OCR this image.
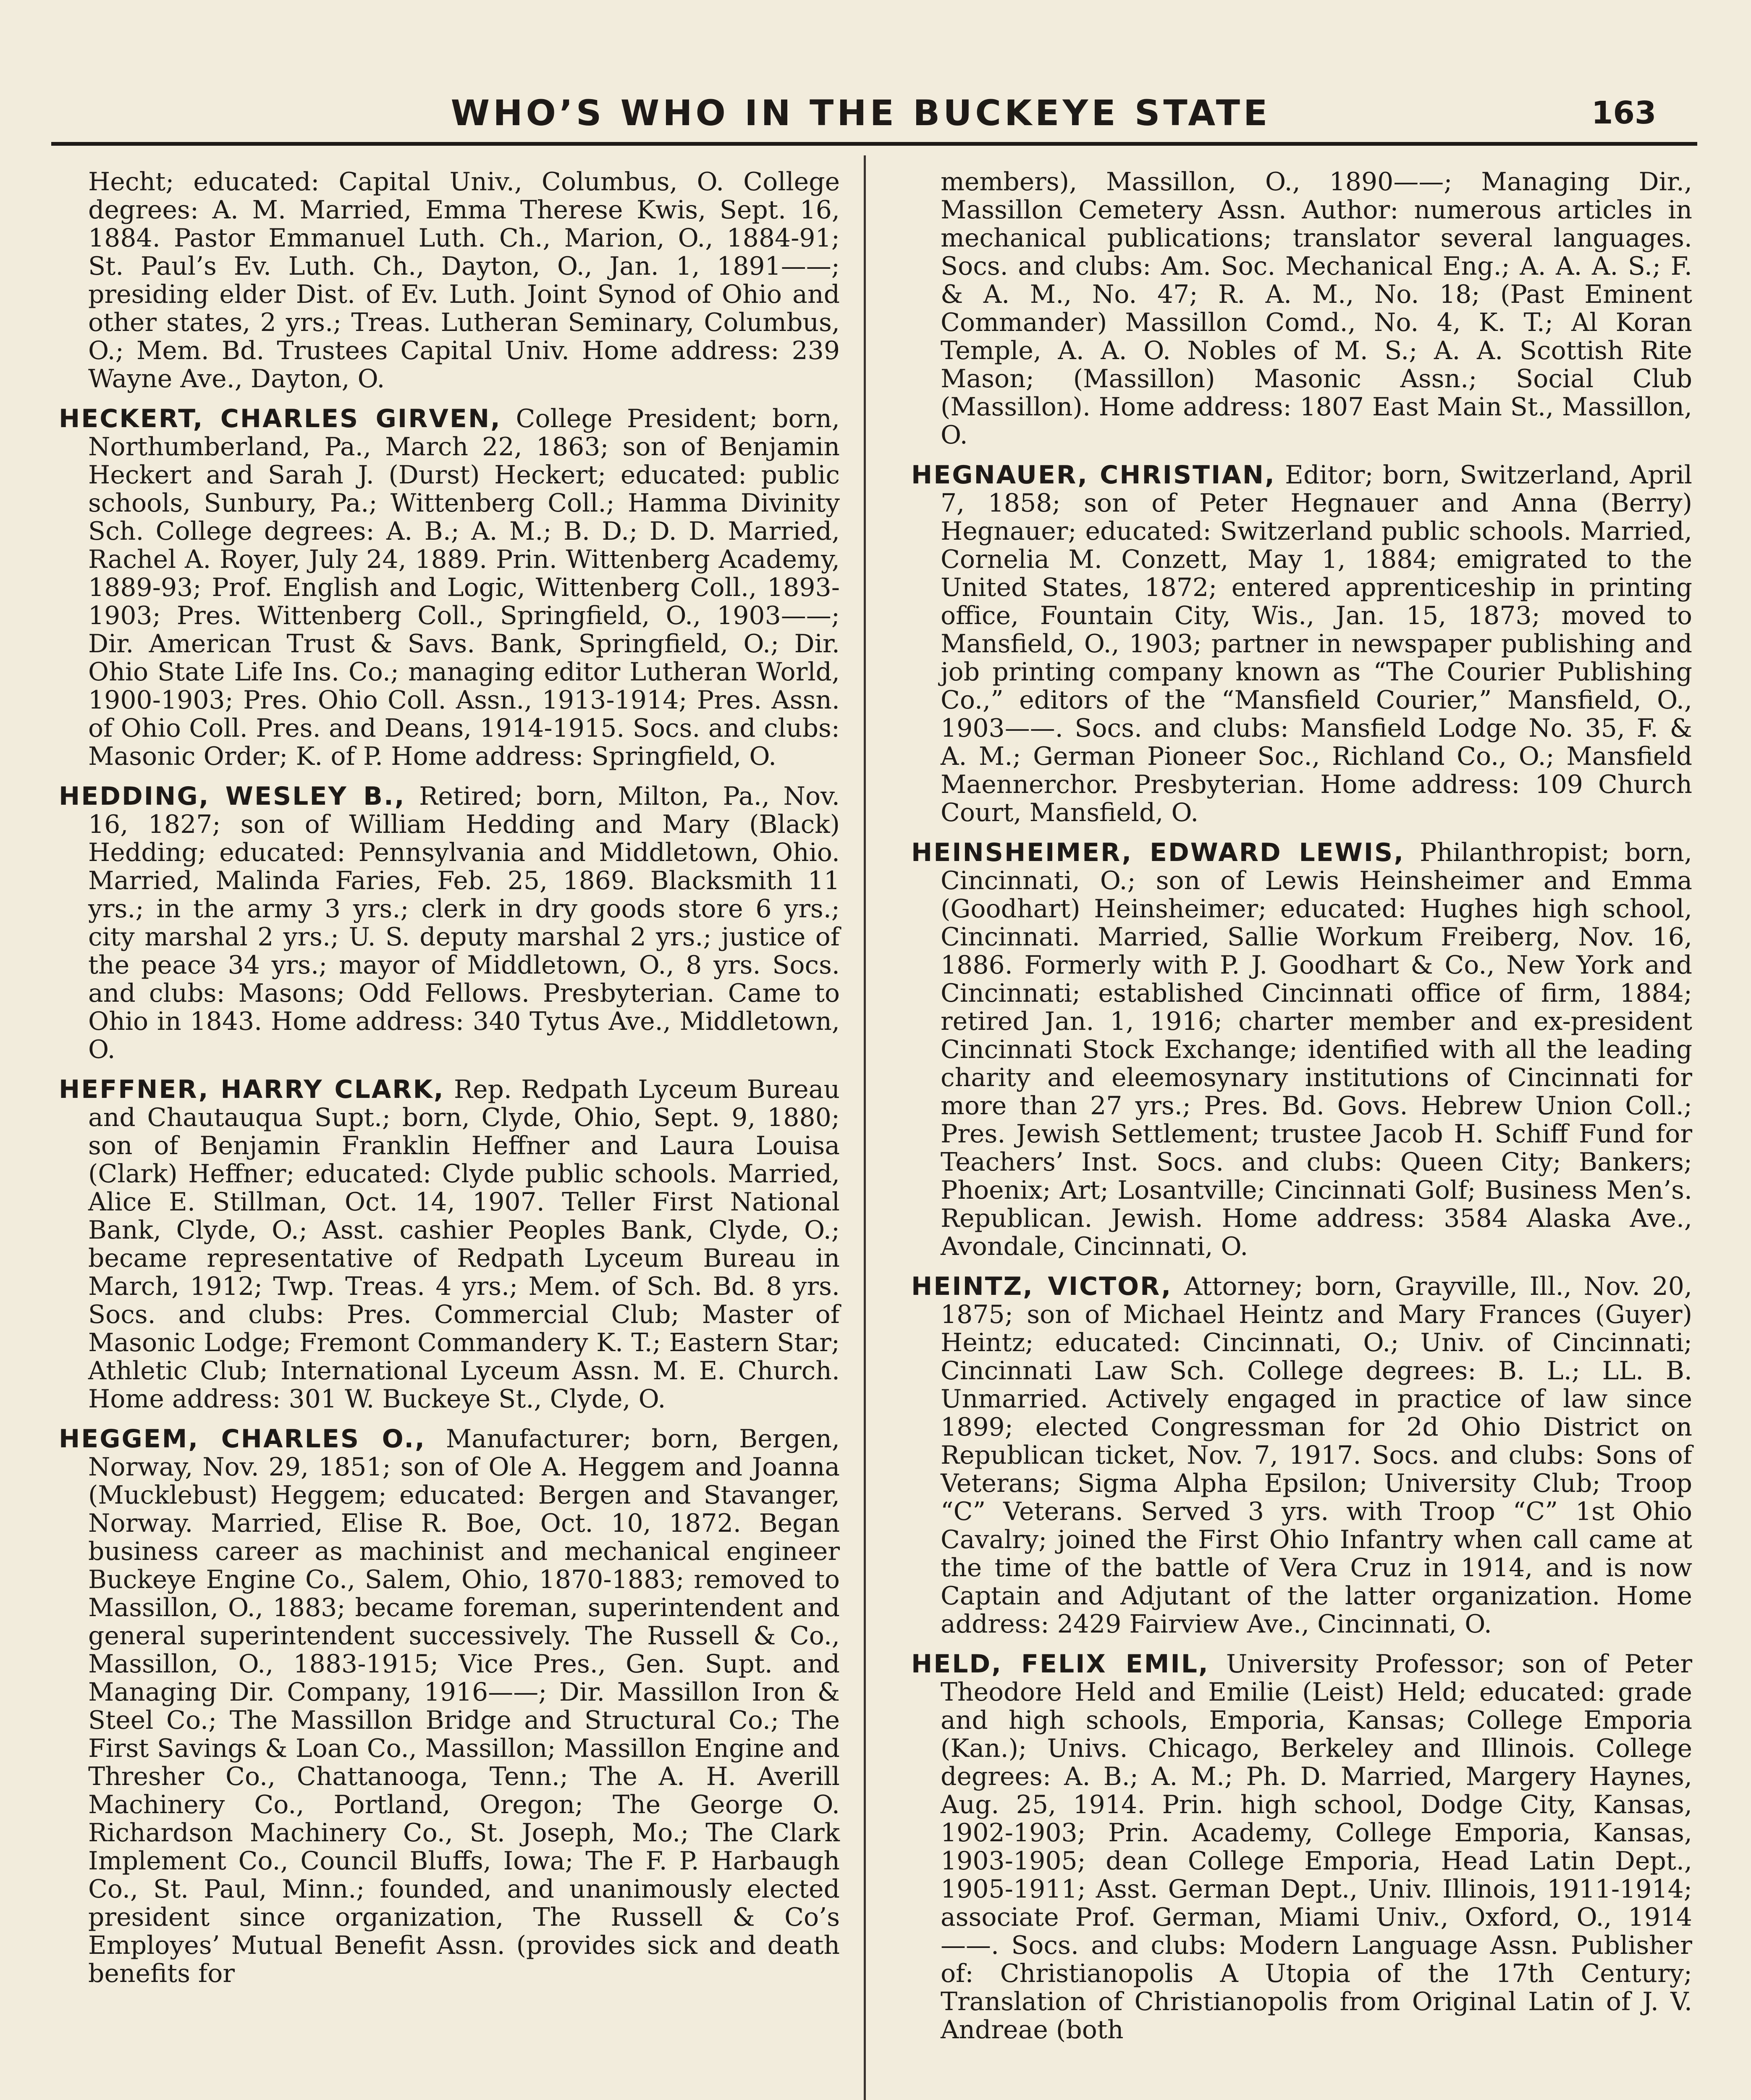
WHO’S WHO IN THE BUCKEYE STATE	163

Hecht; educated: Capital Univ., Columbus, O. College degrees: A. M. Married, Emma Therese Kwis, Sept. 16, 1884. Pastor Emmanuel Luth. Ch., Marion, O., 1884-91; St. Paul’s Ev. Luth. Ch., Dayton, O., Jan. 1, 1891——; presiding elder Dist. of Ev. Luth. Joint Synod of Ohio and other states, 2 yrs.; Treas. Lutheran Seminary, Columbus, O.; Mem. Bd. Trustees Capital Univ. Home address: 239 Wayne Ave., Dayton, O.

HECKERT, CHARLES GIRVEN, College President; born, Northumberland, Pa., March 22, 1863; son of Benjamin Heckert and Sarah J. (Durst) Heckert; educated: public schools, Sunbury, Pa.; Wittenberg Coll.; Hamma Divinity Sch. College degrees: A. B.; A. M.; B. D.; D. D. Married, Rachel A. Royer, July 24, 1889. Prin. Wittenberg Academy, 1889-93; Prof. English and Logic, Wittenberg Coll., 1893-1903; Pres. Wittenberg Coll., Springfield, O., 1903——; Dir. American Trust & Savs. Bank, Springfield, O.; Dir. Ohio State Life Ins. Co.; managing editor Lutheran World, 1900-1903; Pres. Ohio Coll. Assn., 1913-1914; Pres. Assn. of Ohio Coll. Pres. and Deans, 1914-1915. Socs. and clubs: Masonic Order; K. of P. Home address: Springfield, O.

HEDDING, WESLEY B., Retired; born, Milton, Pa., Nov. 16, 1827; son of William Hedding and Mary (Black) Hedding; educated: Pennsylvania and Middletown, Ohio. Married, Malinda Faries, Feb. 25, 1869. Blacksmith 11 yrs.; in the army 3 yrs.; clerk in dry goods store 6 yrs.; city marshal 2 yrs.; U. S. deputy marshal 2 yrs.; justice of the peace 34 yrs.; mayor of Middletown, O., 8 yrs. Socs. and clubs: Masons; Odd Fellows. Presbyterian. Came to Ohio in 1843. Home address: 340 Tytus Ave., Middletown, O.

HEFFNER, HARRY CLARK, Rep. Redpath Lyceum Bureau and Chautauqua Supt.; born, Clyde, Ohio, Sept. 9, 1880; son of Benjamin Franklin Heffner and Laura Louisa (Clark) Heffner; educated: Clyde public schools. Married, Alice E. Stillman, Oct. 14, 1907. Teller First National Bank, Clyde, O.; Asst. cashier Peoples Bank, Clyde, O.; became representative of Redpath Lyceum Bureau in March, 1912; Twp. Treas. 4 yrs.; Mem. of Sch. Bd. 8 yrs. Socs. and clubs: Pres. Commercial Club; Master of Masonic Lodge; Fremont Commandery K. T.; Eastern Star; Athletic Club; International Lyceum Assn. M. E. Church. Home address: 301 W. Buckeye St., Clyde, O.

HEGGEM, CHARLES O., Manufacturer; born, Bergen, Norway, Nov. 29, 1851; son of Ole A. Heggem and Joanna (Mucklebust) Heggem; educated: Bergen and Stavanger, Norway. Married, Elise R. Boe, Oct. 10, 1872. Began business career as machinist and mechanical engineer Buckeye Engine Co., Salem, Ohio, 1870-1883; removed to Massillon, O., 1883; became foreman, superintendent and general superintendent successively. The Russell & Co., Massillon, O., 1883-1915; Vice Pres., Gen. Supt. and Managing Dir. Company, 1916——; Dir. Massillon Iron & Steel Co.; The Massillon Bridge and Structural Co.; The First Savings & Loan Co., Massillon; Massillon Engine and Thresher Co., Chattanooga, Tenn.; The A. H. Averill Machinery Co., Portland, Oregon; The George O. Richardson Machinery Co., St. Joseph, Mo.; The Clark Implement Co., Council Bluffs, Iowa; The F. P. Harbaugh Co., St. Paul, Minn.; founded, and unanimously elected president since organization, The Russell & Co’s Employes’ Mutual Benefit Assn. (provides sick and death benefits for

members), Massillon, O., 1890——; Managing Dir., Massillon Cemetery Assn. Author: numerous articles in mechanical publications; translator several languages. Socs. and clubs: Am. Soc. Mechanical Eng.; A. A. A. S.; F. & A. M., No. 47; R. A. M., No. 18; (Past Eminent Commander) Massillon Comd., No. 4, K. T.; Al Koran Temple, A. A. O. Nobles of M. S.; A. A. Scottish Rite Mason; (Massillon) Masonic Assn.; Social Club (Massillon). Home address: 1807 East Main St., Massillon, O.

HEGNAUER, CHRISTIAN, Editor; born, Switzerland, April 7, 1858; son of Peter Hegnauer and Anna (Berry) Hegnauer; educated: Switzerland public schools. Married, Cornelia M. Conzett, May 1, 1884; emigrated to the United States, 1872; entered apprenticeship in printing office, Fountain City, Wis., Jan. 15, 1873; moved to Mansfield, O., 1903; partner in newspaper publishing and job printing company known as “The Courier Publishing Co.,” editors of the “Mansfield Courier,” Mansfield, O., 1903——. Socs. and clubs: Mansfield Lodge No. 35, F. & A. M.; German Pioneer Soc., Richland Co., O.; Mansfield Maennerchor. Presbyterian. Home address: 109 Church Court, Mansfield, O.

HEINSHEIMER, EDWARD LEWIS, Philanthropist; born, Cincinnati, O.; son of Lewis Heinsheimer and Emma (Goodhart) Heinsheimer; educated: Hughes high school, Cincinnati. Married, Sallie Workum Freiberg, Nov. 16, 1886. Formerly with P. J. Goodhart & Co., New York and Cincinnati; established Cincinnati office of firm, 1884; retired Jan. 1, 1916; charter member and ex-president Cincinnati Stock Exchange; identified with all the leading charity and eleemosynary institutions of Cincinnati for more than 27 yrs.; Pres. Bd. Govs. Hebrew Union Coll.; Pres. Jewish Settlement; trustee Jacob H. Schiff Fund for Teachers’ Inst. Socs. and clubs: Queen City; Bankers; Phoenix; Art; Losantville; Cincinnati Golf; Business Men’s. Republican. Jewish. Home address: 3584 Alaska Ave., Avondale, Cincinnati, O.

HEINTZ, VICTOR, Attorney; born, Grayville, Ill., Nov. 20, 1875; son of Michael Heintz and Mary Frances (Guyer) Heintz; educated: Cincinnati, O.; Univ. of Cincinnati; Cincinnati Law Sch. College degrees: B. L.; LL. B. Unmarried. Actively engaged in practice of law since 1899; elected Congressman for 2d Ohio District on Republican ticket, Nov. 7, 1917. Socs. and clubs: Sons of Veterans; Sigma Alpha Epsilon; University Club; Troop “C” Veterans. Served 3 yrs. with Troop “C” 1st Ohio Cavalry; joined the First Ohio Infantry when call came at the time of the battle of Vera Cruz in 1914, and is now Captain and Adjutant of the latter organization. Home address: 2429 Fairview Ave., Cincinnati, O.

HELD, FELIX EMIL, University Professor; son of Peter Theodore Held and Emilie (Leist) Held; educated: grade and high schools, Emporia, Kansas; College Emporia (Kan.); Univs. Chicago, Berkeley and Illinois. College degrees: A. B.; A. M.; Ph. D. Married, Margery Haynes, Aug. 25, 1914. Prin. high school, Dodge City, Kansas, 1902-1903; Prin. Academy, College Emporia, Kansas, 1903-1905; dean College Emporia, Head Latin Dept., 1905-1911; Asst. German Dept., Univ. Illinois, 1911-1914; associate Prof. German, Miami Univ., Oxford, O., 1914——. Socs. and clubs: Modern Language Assn. Publisher of: Christianopolis A Utopia of the 17th Century; Translation of Christianopolis from Original Latin of J. V. Andreae (both
